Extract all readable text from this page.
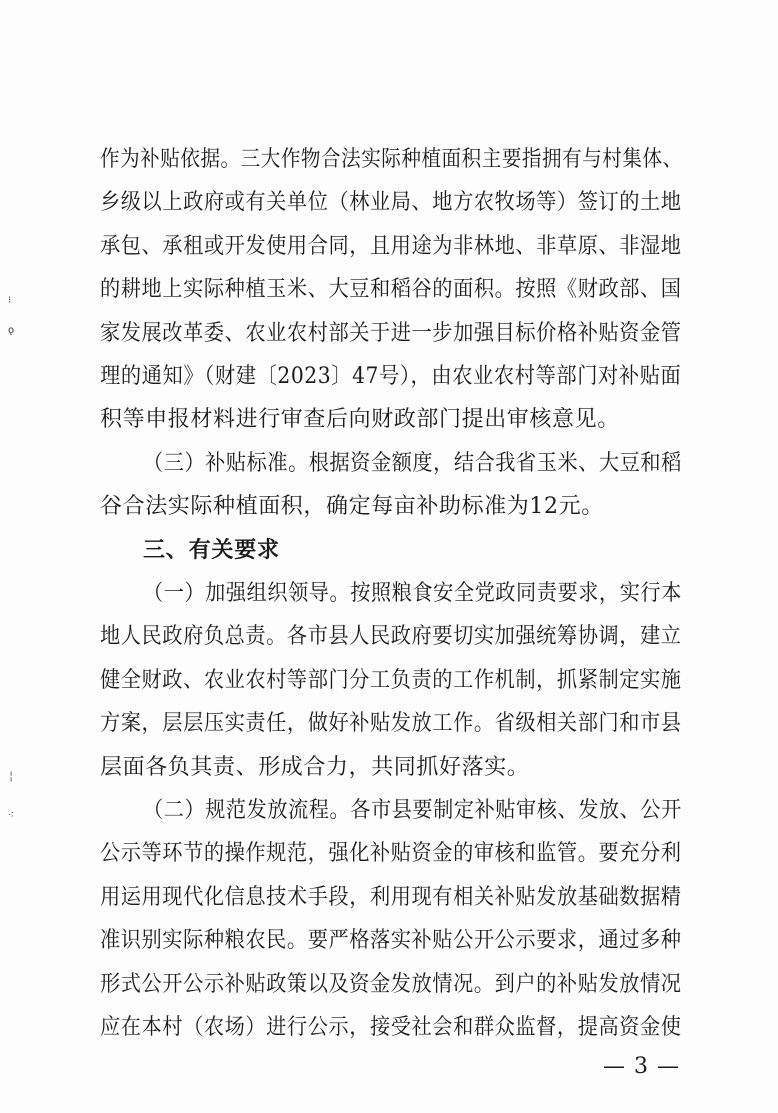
⁝
ǫ
╎
⁖
作为补贴依据。三大作物合法实际种植面积主要指拥有与村集体、
乡级以上政府或有关单位（林业局、地方农牧场等）签订的土地
承包、承租或开发使用合同，且用途为非林地、非草原、非湿地
的耕地上实际种植玉米、大豆和稻谷的面积。按照《财政部、国
家发展改革委、农业农村部关于进一步加强目标价格补贴资金管
理的通知》（财建〔2023〕47号），由农业农村等部门对补贴面
积等申报材料进行审查后向财政部门提出审核意见。
（三）补贴标准。根据资金额度，结合我省玉米、大豆和稻
谷合法实际种植面积，确定每亩补助标准为12元。
三、有关要求
（一）加强组织领导。按照粮食安全党政同责要求，实行本
地人民政府负总责。各市县人民政府要切实加强统筹协调，建立
健全财政、农业农村等部门分工负责的工作机制，抓紧制定实施
方案，层层压实责任，做好补贴发放工作。省级相关部门和市县
层面各负其责、形成合力，共同抓好落实。
（二）规范发放流程。各市县要制定补贴审核、发放、公开
公示等环节的操作规范，强化补贴资金的审核和监管。要充分利
用运用现代化信息技术手段，利用现有相关补贴发放基础数据精
准识别实际种粮农民。要严格落实补贴公开公示要求，通过多种
形式公开公示补贴政策以及资金发放情况。到户的补贴发放情况
应在本村（农场）进行公示，接受社会和群众监督，提高资金使
— 3 —
